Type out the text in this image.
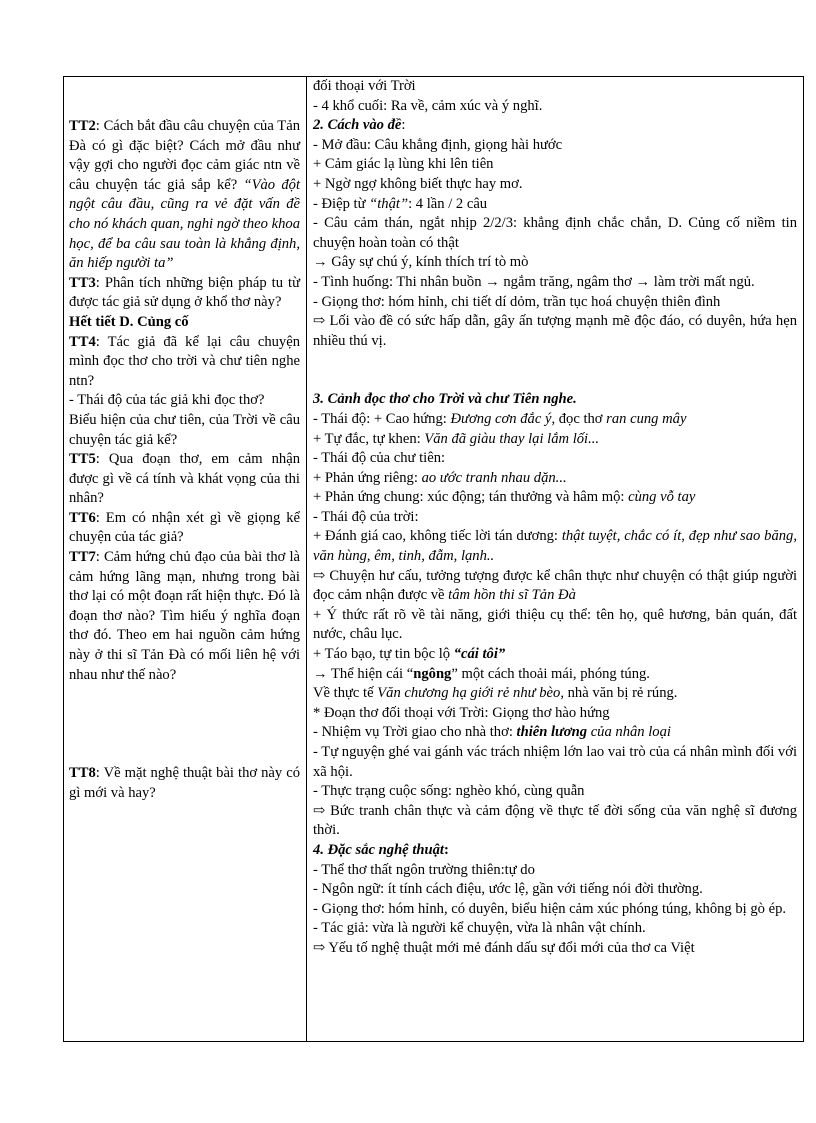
TT2: Cách bắt đầu câu chuyện của Tản Đà có gì đặc biệt? Cách mở đầu như vậy gợi cho người đọc cảm giác ntn về câu chuyện tác giả sắp kể? “Vào đột ngột câu đầu, cũng ra vẻ đặt vấn đề cho nó khách quan, nghi ngờ theo khoa học, để ba câu sau toàn là khẳng định, ăn hiếp người ta”

TT3: Phân tích những biện pháp tu từ được tác giả sử dụng ở khổ thơ này?

Hết tiết D. Củng cố

TT4: Tác giả đã kể lại câu chuyện mình đọc thơ cho trời và chư tiên nghe ntn?

- Thái độ của tác giả khi đọc thơ?

Biểu hiện của chư tiên, của Trời về câu chuyện tác giả kể?

TT5: Qua đoạn thơ, em cảm nhận được gì về cá tính và khát vọng của thi nhân?

TT6: Em có nhận xét gì về giọng kể chuyện của tác giả?

TT7: Cảm hứng chủ đạo của bài thơ là cảm hứng lãng mạn, nhưng trong bài thơ lại có một đoạn rất hiện thực. Đó là đoạn thơ nào? Tìm hiểu ý nghĩa đoạn thơ đó. Theo em hai nguồn cảm hứng này ở thi sĩ Tản Đà có mối liên hệ với nhau như thế nào?

TT8: Về mặt nghệ thuật bài thơ này có gì mới và hay?

đối thoại với Trời

- 4 khổ cuối: Ra về, cảm xúc và ý nghĩ.

2. Cách vào đề:

- Mở đầu: Câu khẳng định, giọng hài hước

+ Cảm giác lạ lùng khi lên tiên

+ Ngờ ngợ không biết thực hay mơ.

- Điệp từ “thật”: 4 lần / 2 câu

- Câu cảm thán, ngắt nhịp 2/2/3: khẳng định chắc chắn, D. Củng cố niềm tin chuyện hoàn toàn có thật

→ Gây sự chú ý, kính thích trí tò mò

- Tình huống: Thi nhân buồn → ngắm trăng, ngâm thơ → làm trời mất ngủ.

- Giọng thơ: hóm hỉnh, chi tiết dí dỏm, trần tục hoá chuyện thiên đình

⇨ Lối vào đề có sức hấp dẫn, gây ấn tượng mạnh mẽ độc đáo, có duyên, hứa hẹn nhiều thú vị.

3. Cảnh đọc thơ cho Trời và chư Tiên nghe.

- Thái độ: + Cao hứng: Đương cơn đắc ý, đọc thơ ran cung mây

+ Tự đắc, tự khen: Văn đã giàu thay lại lắm lối...

- Thái độ của chư tiên:

+ Phản ứng riêng: ao ước tranh nhau dặn...

+ Phản ứng chung: xúc động; tán thưởng và hâm mộ: cùng vỗ tay

- Thái độ của trời:

+ Đánh giá cao, không tiếc lời tán dương: thật tuyệt, chắc có ít, đẹp như sao băng, văn hùng, êm, tinh, đẫm, lạnh..

⇨ Chuyện hư cấu, tưởng tượng được kể chân thực như chuyện có thật giúp người đọc cảm nhận được về tâm hồn thi sĩ Tản Đà

+ Ý thức rất rõ về tài năng, giới thiệu cụ thể: tên họ, quê hương, bản quán, đất nước, châu lục.

+ Táo bạo, tự tin bộc lộ “cái tôi”

→ Thể hiện cái “ngông” một cách thoải mái, phóng túng.

Về thực tế Văn chương hạ giới rẻ như bèo, nhà văn bị rẻ rúng.

* Đoạn thơ đối thoại với Trời: Giọng thơ hào hứng

- Nhiệm vụ Trời giao cho nhà thơ: thiên lương của nhân loại

- Tự nguyện ghé vai gánh vác trách nhiệm lớn lao vai trò của cá nhân mình đối với xã hội.

- Thực trạng cuộc sống: nghèo khó, cùng quẫn

⇨ Bức tranh chân thực và cảm động về thực tế đời sống của văn nghệ sĩ đương thời.

4. Đặc sắc nghệ thuật:

- Thể thơ thất ngôn trường thiên:tự do

- Ngôn ngữ: ít tính cách điệu, ước lệ, gần với tiếng nói đời thường.

- Giọng thơ: hóm hỉnh, có duyên, biểu hiện cảm xúc phóng túng, không bị gò ép.

- Tác giả: vừa là người kể chuyện, vừa là nhân vật chính.

⇨ Yếu tố nghệ thuật mới mẻ đánh dấu sự đổi mới của thơ ca Việt
